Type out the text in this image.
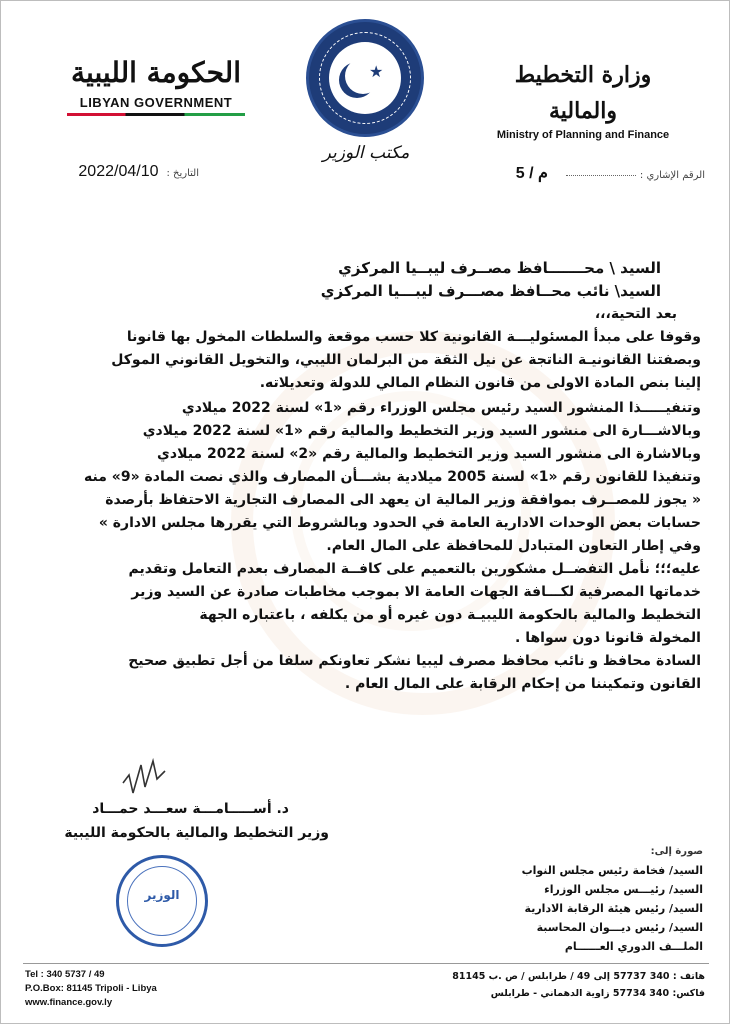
الحكومة الليبية
LIBYAN GOVERNMENT
★
مكتب الوزير
وزارة التخطيط والمالية
Ministry of Planning and Finance
الرقم الإشاري :م / 5
التاريخ :2022/04/10
السيد \ محـــــــافظ مصــرف ليبــيا المركزي
السيد\ نائب محــافظ مصـــرف ليبـــيا المركزي
بعد التحية،،،
وقوفا على مبدأ المسئوليـــة القانونية كلا حسب موقعة والسلطات المخول بها قانونا
وبصفتنا القانونيـة الناتجة عن نيل الثقة من البرلمان الليبي، والتخويل القانوني الموكل
إلينا بنص المادة الاولى من قانون النظام المالي للدولة وتعديلاته.
وتنفيـــــذا المنشور السيد رئيس مجلس الوزراء رقم «1» لسنة 2022 ميلادي
وبالاشـــارة الى منشور السيد وزير التخطيط والمالية رقم «1» لسنة 2022 ميلادي
وبالاشارة الى منشور السيد وزير التخطيط والمالية رقم «2» لسنة 2022 ميلادي
وتنفيذا للقانون رقم «1» لسنة 2005 ميلادية بشـــأن المصارف والذي نصت المادة «9» منه
« يجوز للمصــرف بموافقة وزير المالية ان يعهد الى المصارف التجارية الاحتفاظ بأرصدة
حسابات بعض الوحدات الادارية العامة في الحدود وبالشروط التي يقررها مجلس الادارة »
وفي إطار التعاون المتبادل للمحافظة على المال العام.
عليه؛؛؛ نأمل التفضــل مشكورين بالتعميم على كافــة المصارف بعدم التعامل وتقديم
خدماتها المصرفية لكـــافة الجهات العامة الا بموجب مخاطبات صادرة عن السيد وزير
التخطيط والمالية بالحكومة الليبيـة دون غيره أو من يكلفه ، باعتباره الجهة
المخولة قانونا دون سواها .
السادة محافظ و نائب محافظ مصرف ليبيا نشكر تعاونكم سلفا من أجل تطبيق صحيح
القانون وتمكيننا من إحكام الرقابة على المال العام .
د. أســـــامـــة سعـــد حمـــاد
وزير التخطيط والمالية بالحكومة الليبية
الوزير
صورة إلى:
السيد/ فخامة رئيس مجلس النواب
السيد/ رئيـــس مجلس الوزراء
السيد/ رئيس هيئة الرقابة الادارية
السيد/ رئيس ديـــوان المحاسبة
الملـــف الدوري العــــــام
Tel : 340 5737 / 49
P.O.Box: 81145 Tripoli - Libya
www.finance.gov.ly
هاتف : 340 57737 إلى 49 / طرابلس / ص .ب 81145
فاكس: 340 57734 زاوية الدهماني - طرابلس
